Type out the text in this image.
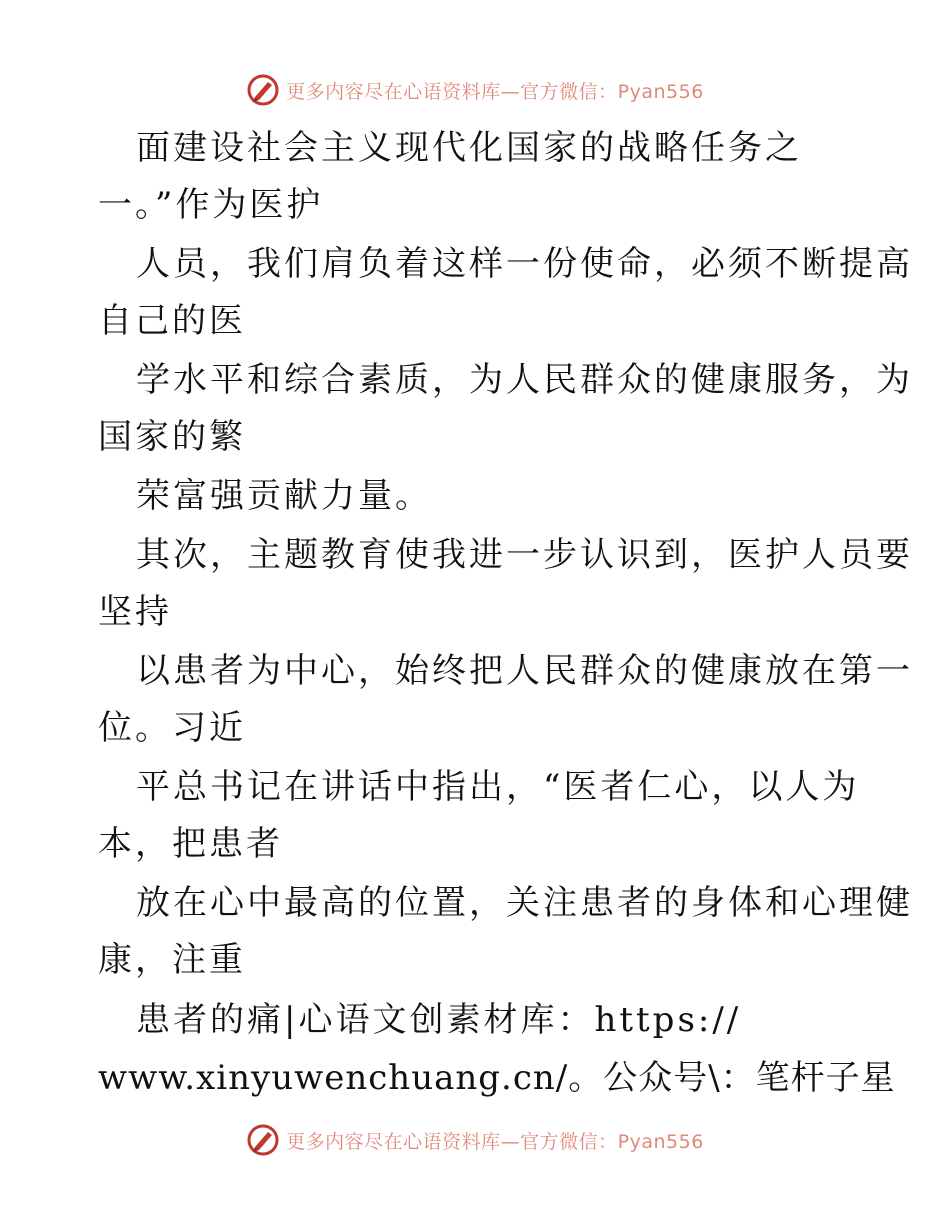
更多内容尽在心语资料库—官方微信：Pyan556
面建设社会主义现代化国家的战略任务之
一。”作为医护
人员，我们肩负着这样一份使命，必须不断提高
自己的医
学水平和综合素质，为人民群众的健康服务，为
国家的繁
荣富强贡献力量。
其次，主题教育使我进一步认识到，医护人员要
坚持
以患者为中心，始终把人民群众的健康放在第一
位。习近
平总书记在讲话中指出，“医者仁心，以人为
本，把患者
放在心中最高的位置，关注患者的身体和心理健
康，注重
患者的痛|心语文创素材库：https://
www.xinyuwenchuang.cn/。公众号\：笔杆子星
更多内容尽在心语资料库—官方微信：Pyan556
